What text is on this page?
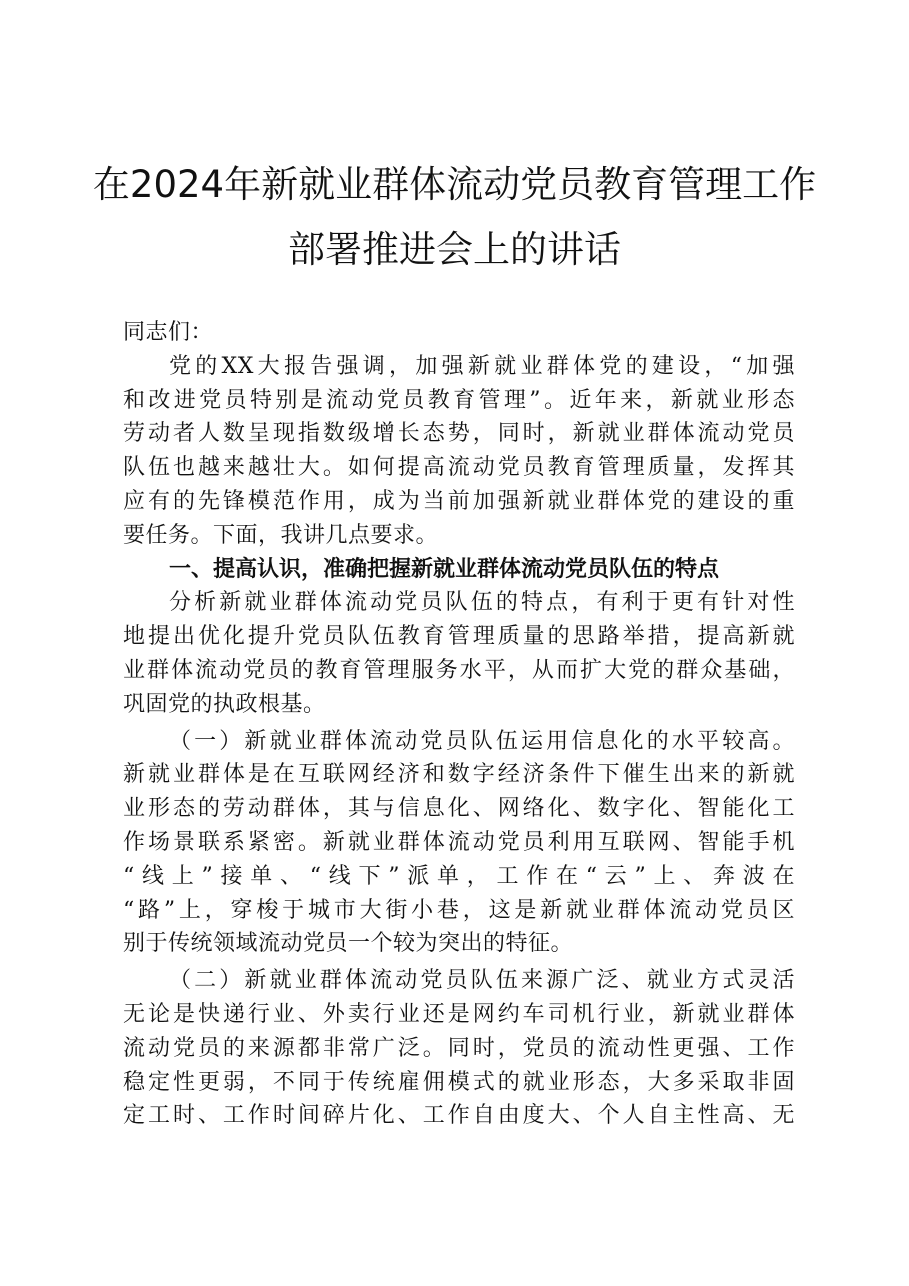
在2024年新就业群体流动党员教育管理工作
部署推进会上的讲话
同志们：
党的XX大报告强调，加强新就业群体党的建设，“加强
和改进党员特别是流动党员教育管理”。近年来，新就业形态
劳动者人数呈现指数级增长态势，同时，新就业群体流动党员
队伍也越来越壮大。如何提高流动党员教育管理质量，发挥其
应有的先锋模范作用，成为当前加强新就业群体党的建设的重
要任务。下面，我讲几点要求。
一、提高认识，准确把握新就业群体流动党员队伍的特点
分析新就业群体流动党员队伍的特点，有利于更有针对性
地提出优化提升党员队伍教育管理质量的思路举措，提高新就
业群体流动党员的教育管理服务水平，从而扩大党的群众基础，
巩固党的执政根基。
（一）新就业群体流动党员队伍运用信息化的水平较高。
新就业群体是在互联网经济和数字经济条件下催生出来的新就
业形态的劳动群体，其与信息化、网络化、数字化、智能化工
作场景联系紧密。新就业群体流动党员利用互联网、智能手机
“线上”接单、“线下”派单，工作在“云”上、奔波在
“路”上，穿梭于城市大街小巷，这是新就业群体流动党员区
别于传统领域流动党员一个较为突出的特征。
（二）新就业群体流动党员队伍来源广泛、就业方式灵活
无论是快递行业、外卖行业还是网约车司机行业，新就业群体
流动党员的来源都非常广泛。同时，党员的流动性更强、工作
稳定性更弱，不同于传统雇佣模式的就业形态，大多采取非固
定工时、工作时间碎片化、工作自由度大、个人自主性高、无
